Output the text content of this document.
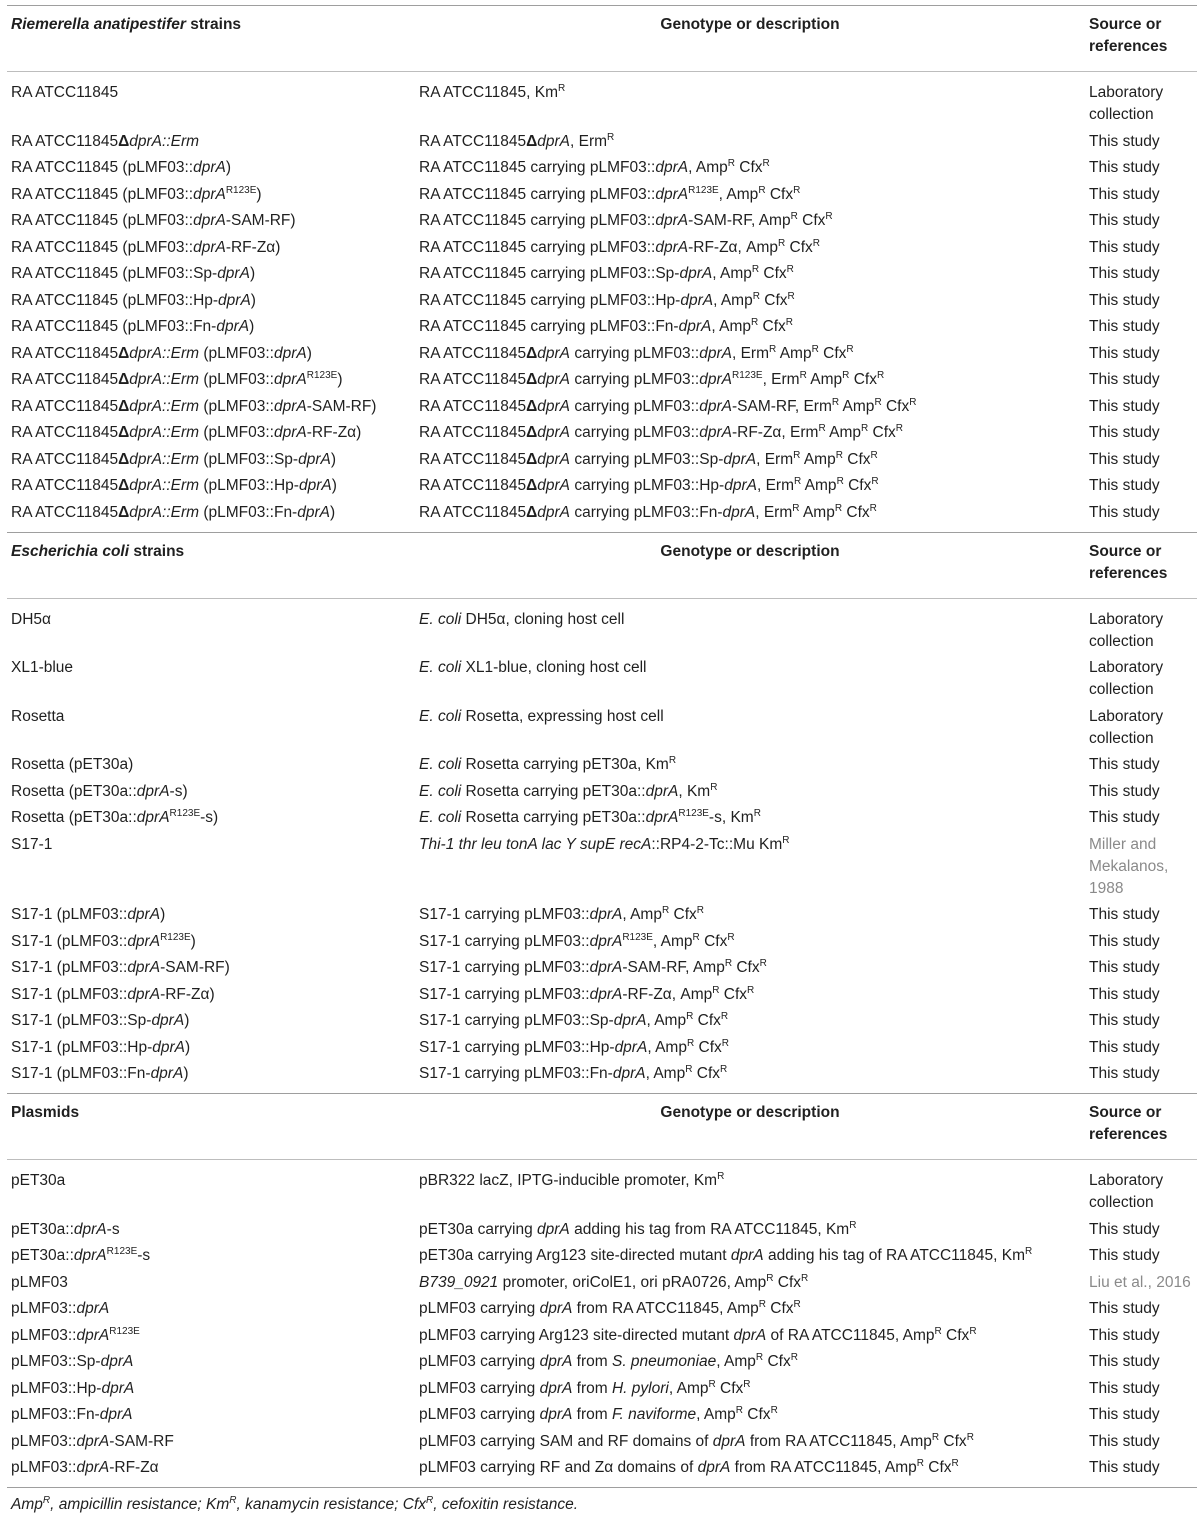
Riemerella anatipestifer strains	Genotype or description	Source or references
RA ATCC11845	RA ATCC11845, $Km^R$	Laboratory collection
RA ATCC11845ΔdprA::Erm	RA ATCC11845ΔdprA, Erm$^R$	This study
RA ATCC11845 (pLMF03::dprA)	RA ATCC11845 carrying pLMF03::dprA, Amp$^R$ Cfx$^R$	This study
RA ATCC11845 (pLMF03::dprA$^{R123E}$)	RA ATCC11845 carrying pLMF03::dprA$^{R123E}$, Amp$^R$ Cfx$^R$	This study
RA ATCC11845 (pLMF03::dprA-SAM-RF)	RA ATCC11845 carrying pLMF03::dprA-SAM-RF, Amp$^R$ Cfx$^R$	This study
RA ATCC11845 (pLMF03::dprA-RF-Zα)	RA ATCC11845 carrying pLMF03::dprA-RF-Zα, Amp$^R$ Cfx$^R$	This study
RA ATCC11845 (pLMF03::Sp-dprA)	RA ATCC11845 carrying pLMF03::Sp-dprA, Amp$^R$ Cfx$^R$	This study
RA ATCC11845 (pLMF03::Hp-dprA)	RA ATCC11845 carrying pLMF03::Hp-dprA, Amp$^R$ Cfx$^R$	This study
RA ATCC11845 (pLMF03::Fn-dprA)	RA ATCC11845 carrying pLMF03::Fn-dprA, Amp$^R$ Cfx$^R$	This study
RA ATCC11845ΔdprA::Erm (pLMF03::dprA)	RA ATCC11845ΔdprA carrying pLMF03::dprA, Erm$^R$ Amp$^R$ Cfx$^R$	This study
RA ATCC11845ΔdprA::Erm (pLMF03::dprA$^{R123E}$)	RA ATCC11845ΔdprA carrying pLMF03::dprA$^{R123E}$, Erm$^R$ Amp$^R$ Cfx$^R$	This study
RA ATCC11845ΔdprA::Erm (pLMF03::dprA-SAM-RF)	RA ATCC11845ΔdprA carrying pLMF03::dprA-SAM-RF, Erm$^R$ Amp$^R$ Cfx$^R$	This study
RA ATCC11845ΔdprA::Erm (pLMF03::dprA-RF-Zα)	RA ATCC11845ΔdprA carrying pLMF03::dprA-RF-Zα, Erm$^R$ Amp$^R$ Cfx$^R$	This study
RA ATCC11845ΔdprA::Erm (pLMF03::Sp-dprA)	RA ATCC11845ΔdprA carrying pLMF03::Sp-dprA, Erm$^R$ Amp$^R$ Cfx$^R$	This study
RA ATCC11845ΔdprA::Erm (pLMF03::Hp-dprA)	RA ATCC11845ΔdprA carrying pLMF03::Hp-dprA, Erm$^R$ Amp$^R$ Cfx$^R$	This study
RA ATCC11845ΔdprA::Erm (pLMF03::Fn-dprA)	RA ATCC11845ΔdprA carrying pLMF03::Fn-dprA, Erm$^R$ Amp$^R$ Cfx$^R$	This study
Escherichia coli strains	Genotype or description	Source or references
DH5α	E. coli DH5α, cloning host cell	Laboratory collection
XL1-blue	E. coli XL1-blue, cloning host cell	Laboratory collection
Rosetta	E. coli Rosetta, expressing host cell	Laboratory collection
Rosetta (pET30a)	E. coli Rosetta carrying pET30a, $Km^R$	This study
Rosetta (pET30a::dprA-s)	E. coli Rosetta carrying pET30a::dprA, $Km^R$	This study
Rosetta (pET30a::dprA$^{R123E}$-s)	E. coli Rosetta carrying pET30a::dprA$^{R123E}$-s, $Km^R$	This study
S17-1	Thi-1 thr leu tonA lac Y supE recA::RP4-2-Tc::Mu $Km^R$	Miller and Mekalanos, 1988
S17-1 (pLMF03::dprA)	S17-1 carrying pLMF03::dprA, Amp$^R$ Cfx$^R$	This study
S17-1 (pLMF03::dprA$^{R123E}$)	S17-1 carrying pLMF03::dprA$^{R123E}$, Amp$^R$ Cfx$^R$	This study
S17-1 (pLMF03::dprA-SAM-RF)	S17-1 carrying pLMF03::dprA-SAM-RF, Amp$^R$ Cfx$^R$	This study
S17-1 (pLMF03::dprA-RF-Zα)	S17-1 carrying pLMF03::dprA-RF-Zα, Amp$^R$ Cfx$^R$	This study
S17-1 (pLMF03::Sp-dprA)	S17-1 carrying pLMF03::Sp-dprA, Amp$^R$ Cfx$^R$	This study
S17-1 (pLMF03::Hp-dprA)	S17-1 carrying pLMF03::Hp-dprA, Amp$^R$ Cfx$^R$	This study
S17-1 (pLMF03::Fn-dprA)	S17-1 carrying pLMF03::Fn-dprA, Amp$^R$ Cfx$^R$	This study
Plasmids	Genotype or description	Source or references
pET30a	pBR322 lacZ, IPTG-inducible promoter, $Km^R$	Laboratory collection
pET30a::dprA-s	pET30a carrying dprA adding his tag from RA ATCC11845, $Km^R$	This study
pET30a::dprA$^{R123E}$-s	pET30a carrying Arg123 site-directed mutant dprA adding his tag of RA ATCC11845, $Km^R$	This study
pLMF03	B739_0921 promoter, oriColE1, ori pRA0726, Amp$^R$ Cfx$^R$	Liu et al., 2016
pLMF03::dprA	pLMF03 carrying dprA from RA ATCC11845, Amp$^R$ Cfx$^R$	This study
pLMF03::dprA$^{R123E}$	pLMF03 carrying Arg123 site-directed mutant dprA of RA ATCC11845, Amp$^R$ Cfx$^R$	This study
pLMF03::Sp-dprA	pLMF03 carrying dprA from S. pneumoniae, Amp$^R$ Cfx$^R$	This study
pLMF03::Hp-dprA	pLMF03 carrying dprA from H. pylori, Amp$^R$ Cfx$^R$	This study
pLMF03::Fn-dprA	pLMF03 carrying dprA from F. naviforme, Amp$^R$ Cfx$^R$	This study
pLMF03::dprA-SAM-RF	pLMF03 carrying SAM and RF domains of dprA from RA ATCC11845, Amp$^R$ Cfx$^R$	This study
pLMF03::dprA-RF-Zα	pLMF03 carrying RF and Zα domains of dprA from RA ATCC11845, Amp$^R$ Cfx$^R$	This study
Amp$^R$, ampicillin resistance; $Km^R$, kanamycin resistance; Cfx$^R$, cefoxitin resistance.
